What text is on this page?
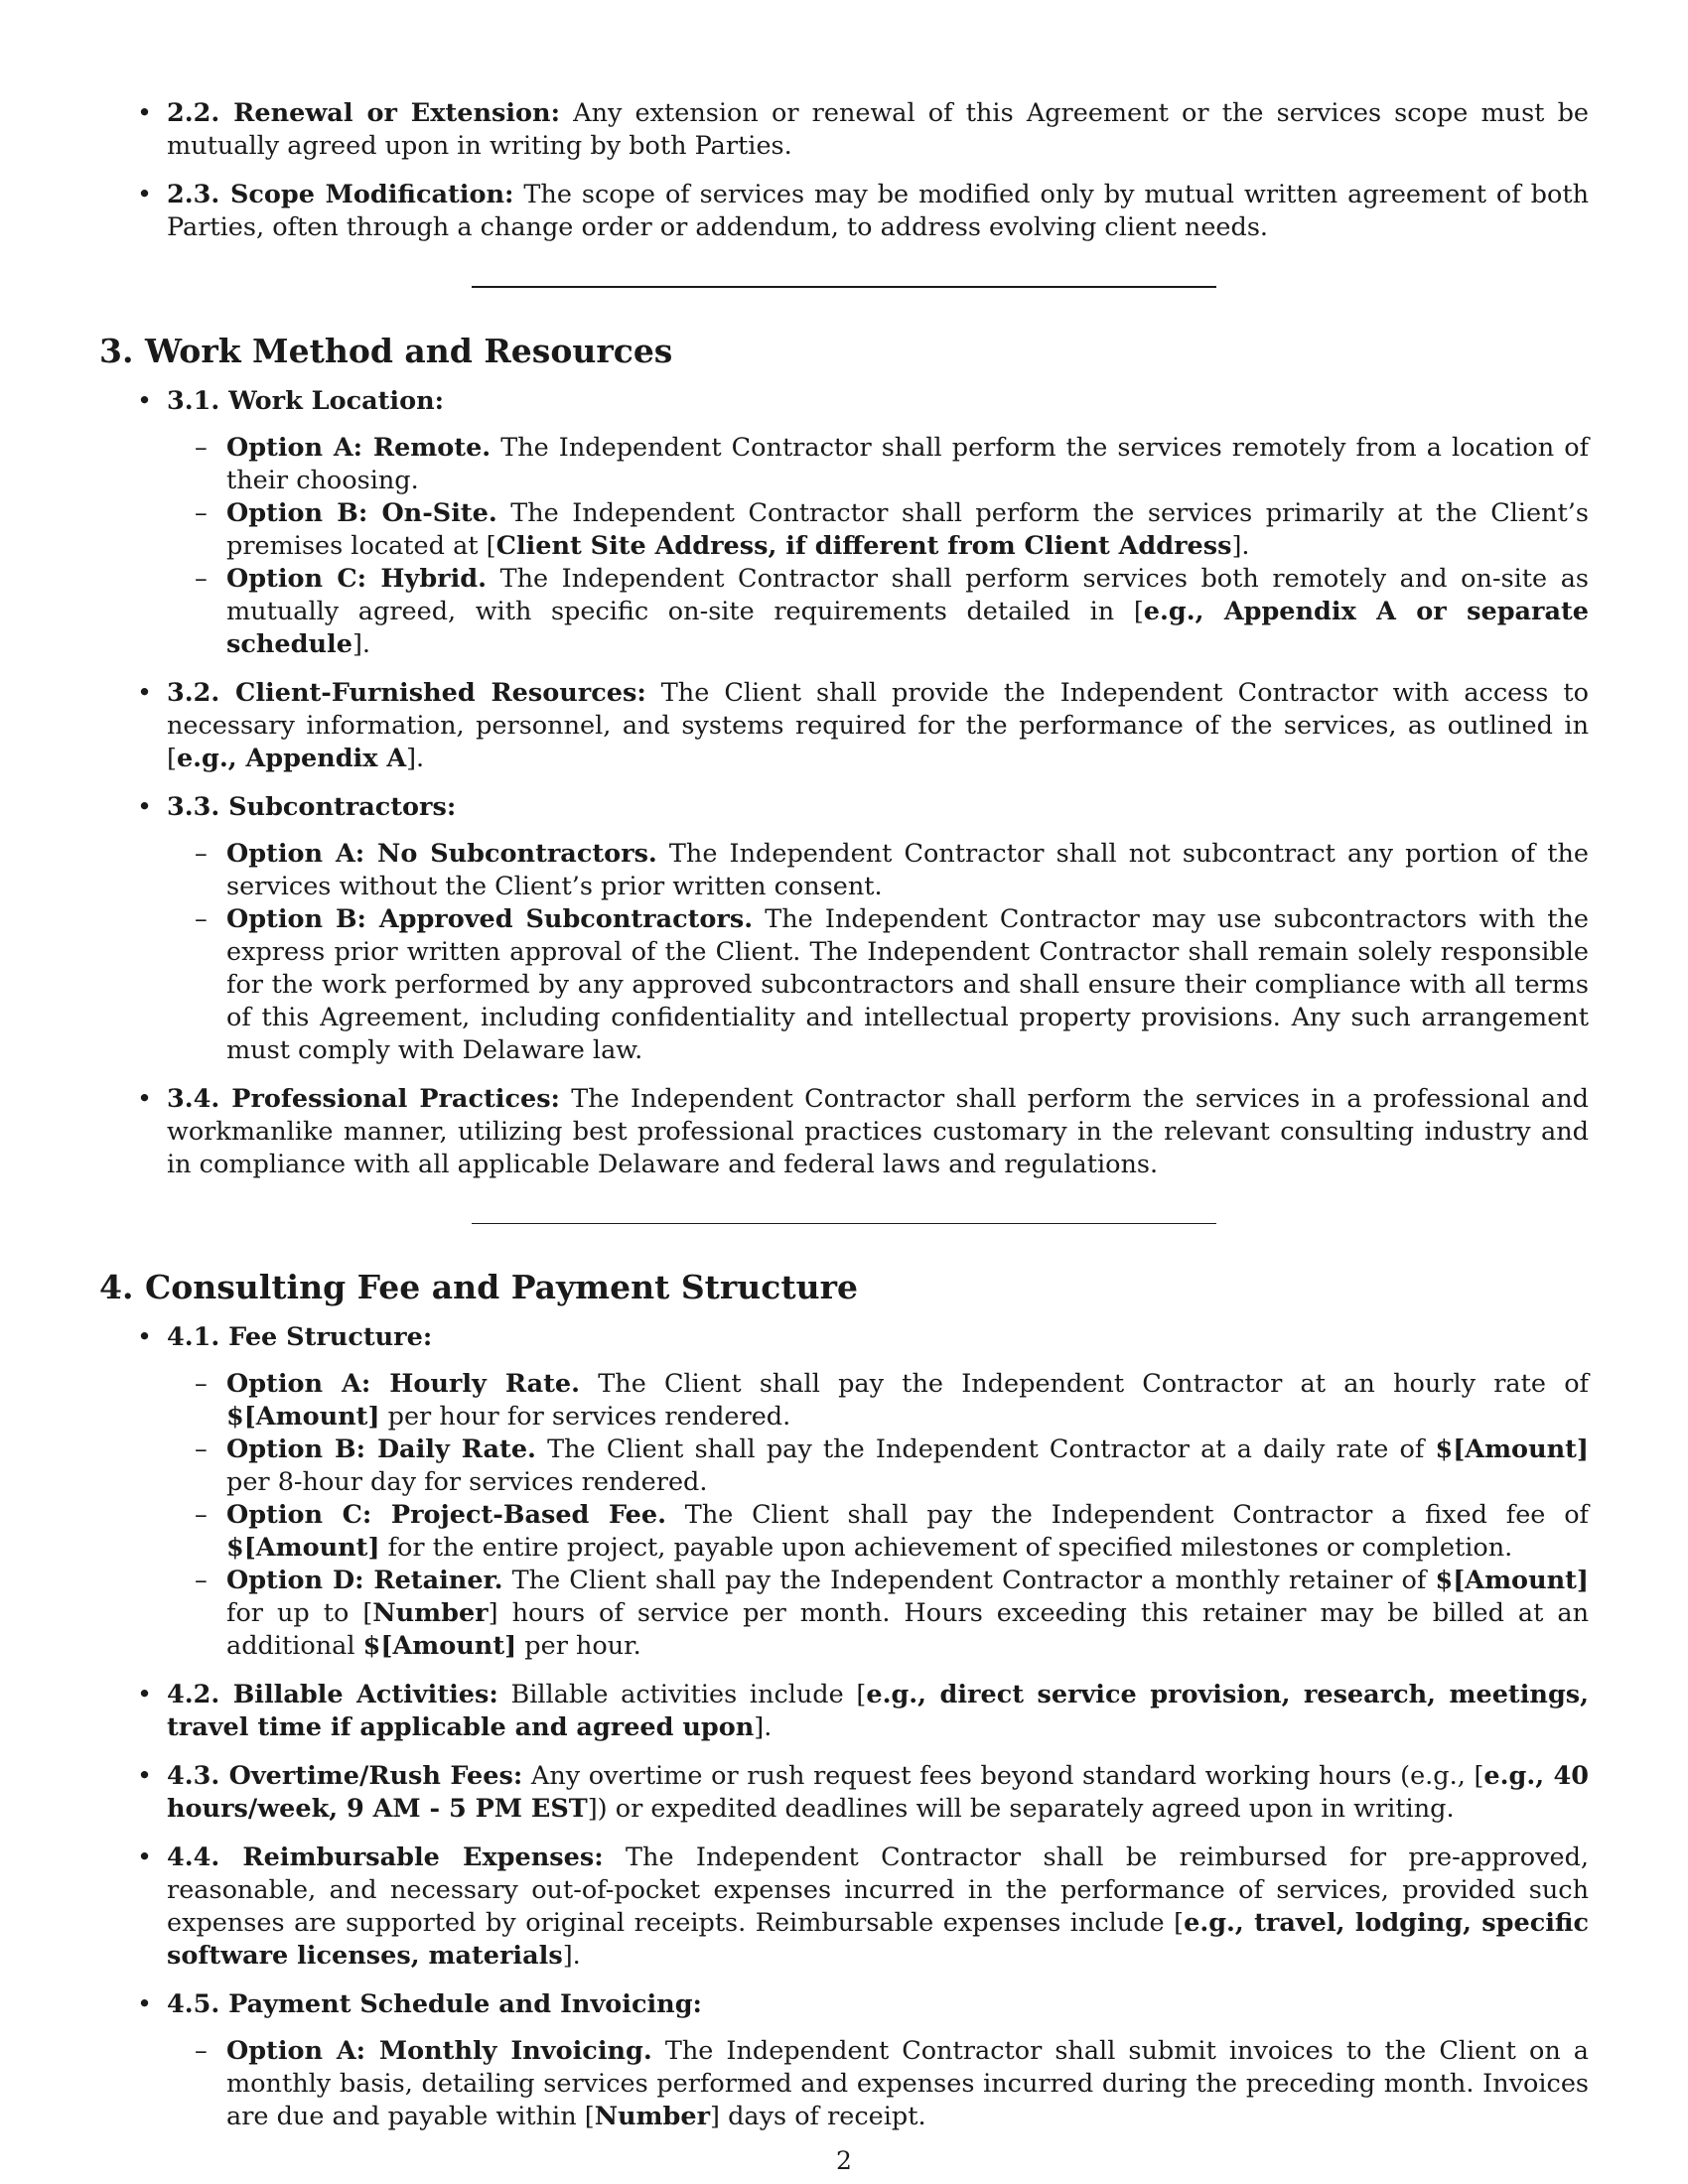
• 2.2. Renewal or Extension: Any extension or renewal of this Agreement or the services scope must be mutually agreed upon in writing by both Parties.
• 2.3. Scope Modification: The scope of services may be modified only by mutual written agreement of both Parties, often through a change order or addendum, to address evolving client needs.
3. Work Method and Resources
• 3.1. Work Location:
– Option A: Remote. The Independent Contractor shall perform the services remotely from a location of their choosing.
– Option B: On-Site. The Independent Contractor shall perform the services primarily at the Client’s premises located at [Client Site Address, if different from Client Address].
– Option C: Hybrid. The Independent Contractor shall perform services both remotely and on-site as mutually agreed, with specific on-site requirements detailed in [e.g., Appendix A or separate schedule].
• 3.2. Client-Furnished Resources: The Client shall provide the Independent Contractor with access to necessary information, personnel, and systems required for the performance of the services, as outlined in [e.g., Appendix A].
• 3.3. Subcontractors:
– Option A: No Subcontractors. The Independent Contractor shall not subcontract any portion of the services without the Client’s prior written consent.
– Option B: Approved Subcontractors. The Independent Contractor may use subcontractors with the express prior written approval of the Client. The Independent Contractor shall remain solely responsible for the work performed by any approved subcontractors and shall ensure their compliance with all terms of this Agreement, including confidentiality and intellectual property provisions. Any such arrangement must comply with Delaware law.
• 3.4. Professional Practices: The Independent Contractor shall perform the services in a professional and workmanlike manner, utilizing best professional practices customary in the relevant consulting industry and in compliance with all applicable Delaware and federal laws and regulations.
4. Consulting Fee and Payment Structure
• 4.1. Fee Structure:
– Option A: Hourly Rate. The Client shall pay the Independent Contractor at an hourly rate of $[Amount] per hour for services rendered.
– Option B: Daily Rate. The Client shall pay the Independent Contractor at a daily rate of $[Amount] per 8-hour day for services rendered.
– Option C: Project-Based Fee. The Client shall pay the Independent Contractor a fixed fee of $[Amount] for the entire project, payable upon achievement of specified milestones or completion.
– Option D: Retainer. The Client shall pay the Independent Contractor a monthly retainer of $[Amount] for up to [Number] hours of service per month. Hours exceeding this retainer may be billed at an additional $[Amount] per hour.
• 4.2. Billable Activities: Billable activities include [e.g., direct service provision, research, meetings, travel time if applicable and agreed upon].
• 4.3. Overtime/Rush Fees: Any overtime or rush request fees beyond standard working hours (e.g., [e.g., 40 hours/week, 9 AM - 5 PM EST]) or expedited deadlines will be separately agreed upon in writing.
• 4.4. Reimbursable Expenses: The Independent Contractor shall be reimbursed for pre-approved, reasonable, and necessary out-of-pocket expenses incurred in the performance of services, provided such expenses are supported by original receipts. Reimbursable expenses include [e.g., travel, lodging, specific software licenses, materials].
• 4.5. Payment Schedule and Invoicing:
– Option A: Monthly Invoicing. The Independent Contractor shall submit invoices to the Client on a monthly basis, detailing services performed and expenses incurred during the preceding month. Invoices are due and payable within [Number] days of receipt.
2
